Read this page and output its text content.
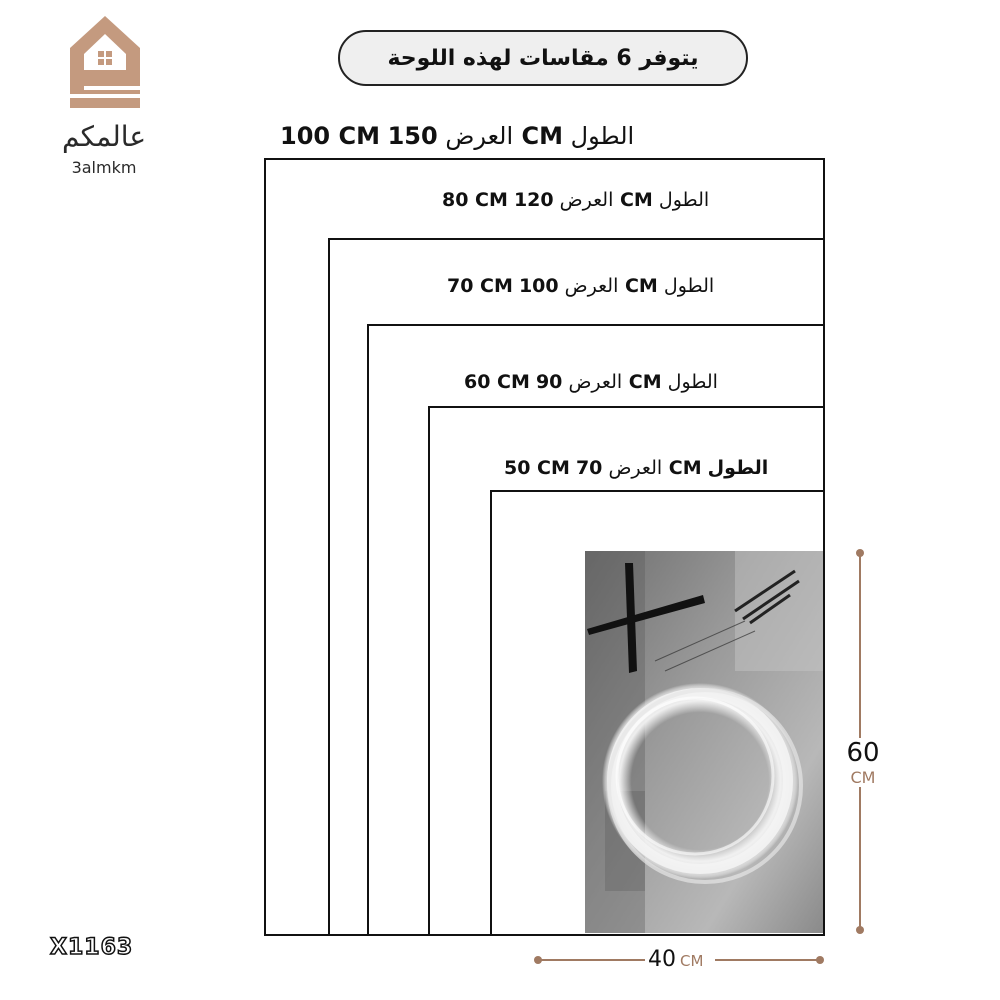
عالمكم
3almkm
يتوفر 6 مقاسات لهذه اللوحة
100 CM	العرض 150 CM الطول
80 CM	العرض 120 CM الطول
70 CM	العرض 100 CM الطول
60 CM العرض 90 CM الطول
50 CM العرض 70 CM الطول
60
CM
40 CM
X1163
